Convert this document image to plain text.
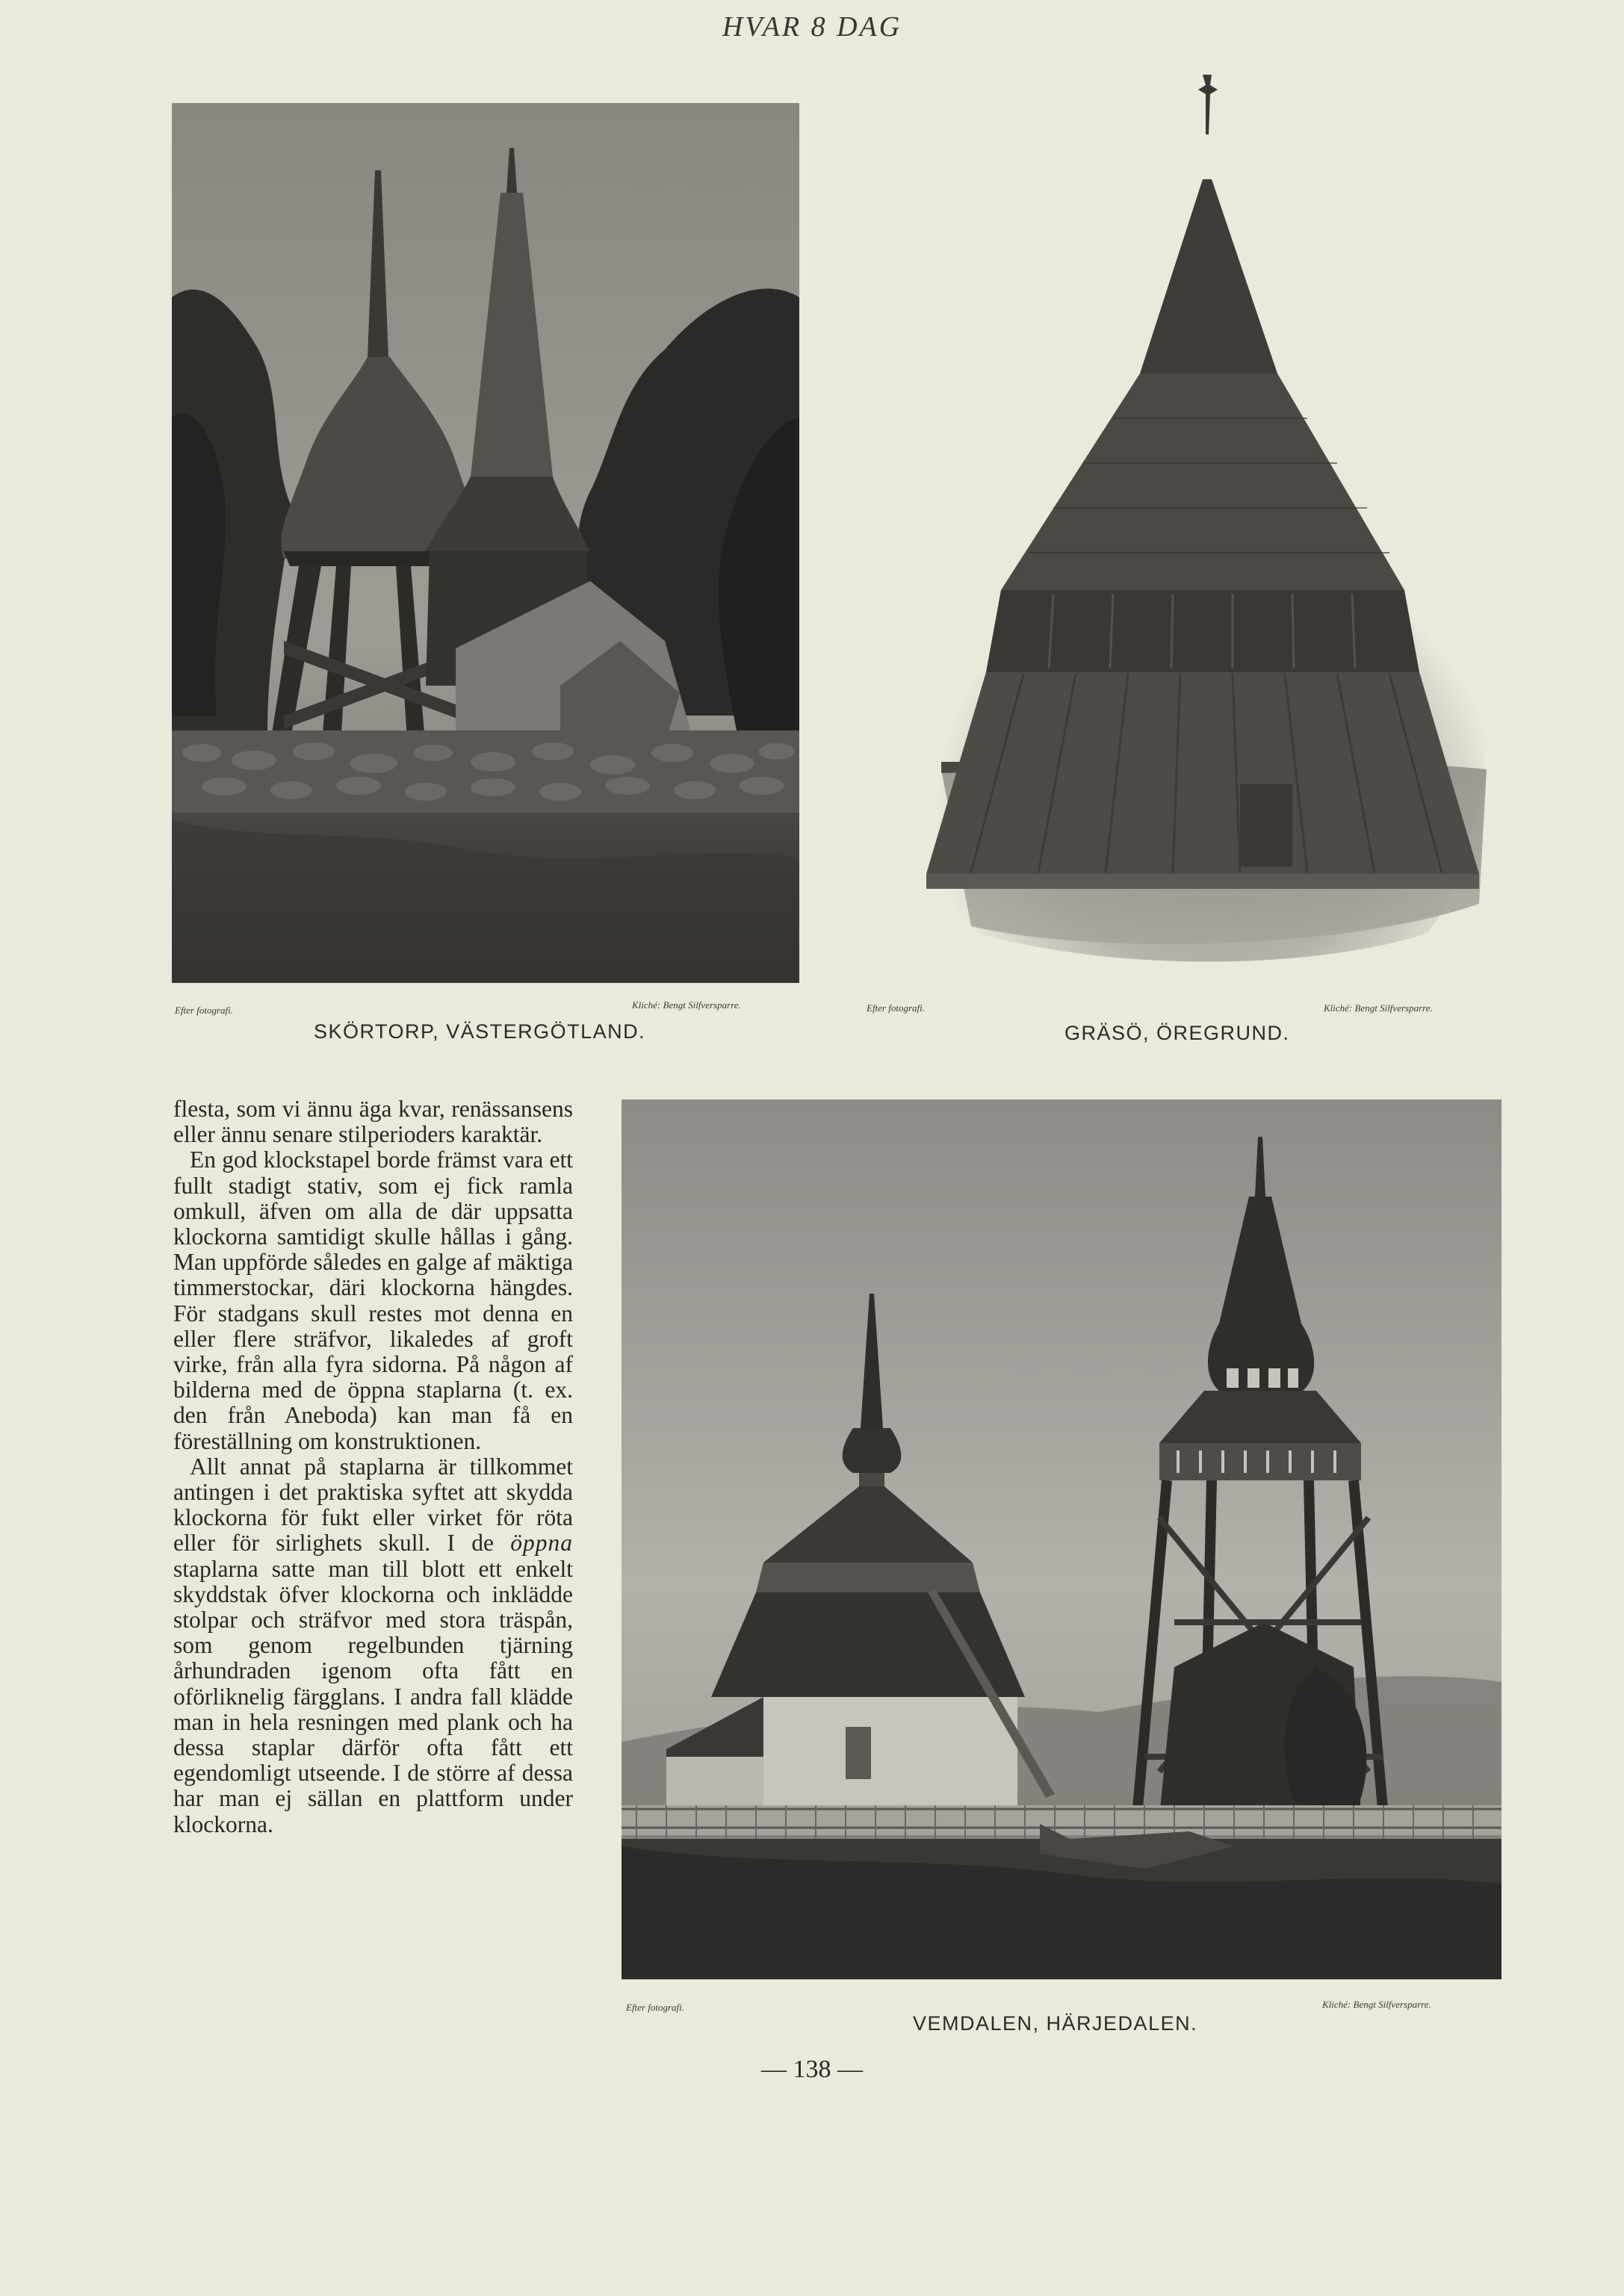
HVAR 8 DAG
Efter fotografi.	Kliché: Bengt Silfversparre.
SKÖRTORP, VÄSTERGÖTLAND.
Efter fotografi.	Kliché: Bengt Silfversparre.
GRÄSÖ, ÖREGRUND.

flesta, som vi ännu äga kvar, renässansens eller ännu senare stilperioders karaktär.

En god klockstapel borde främst vara ett fullt stadigt stativ, som ej fick ramla omkull, äfven om alla de där uppsatta klockorna samtidigt skulle hållas i gång. Man uppförde således en galge af mäktiga timmerstockar, däri klockorna hängdes. För stadgans skull restes mot denna en eller flere sträfvor, likaledes af groft virke, från alla fyra sidorna. På någon af bilderna med de öppna staplarna (t. ex. den från Aneboda) kan man få en föreställning om konstruktionen.

Allt annat på staplarna är tillkommet antingen i det praktiska syftet att skydda klockorna för fukt eller virket för röta eller för sirlighets skull. I de öppna staplarna satte man till blott ett enkelt skyddstak öfver klockorna och inklädde stolpar och sträfvor med stora träspån, som genom regelbunden tjärning århundraden igenom ofta fått en oförliknelig färgglans. I andra fall klädde man in hela resningen med plank och ha dessa staplar därför ofta fått ett egendomligt utseende. I de större af dessa har man ej sällan en plattform under klockorna.

Efter fotografi.	Kliché: Bengt Silfversparre.
VEMDALEN, HÄRJEDALEN.
— 138 —
